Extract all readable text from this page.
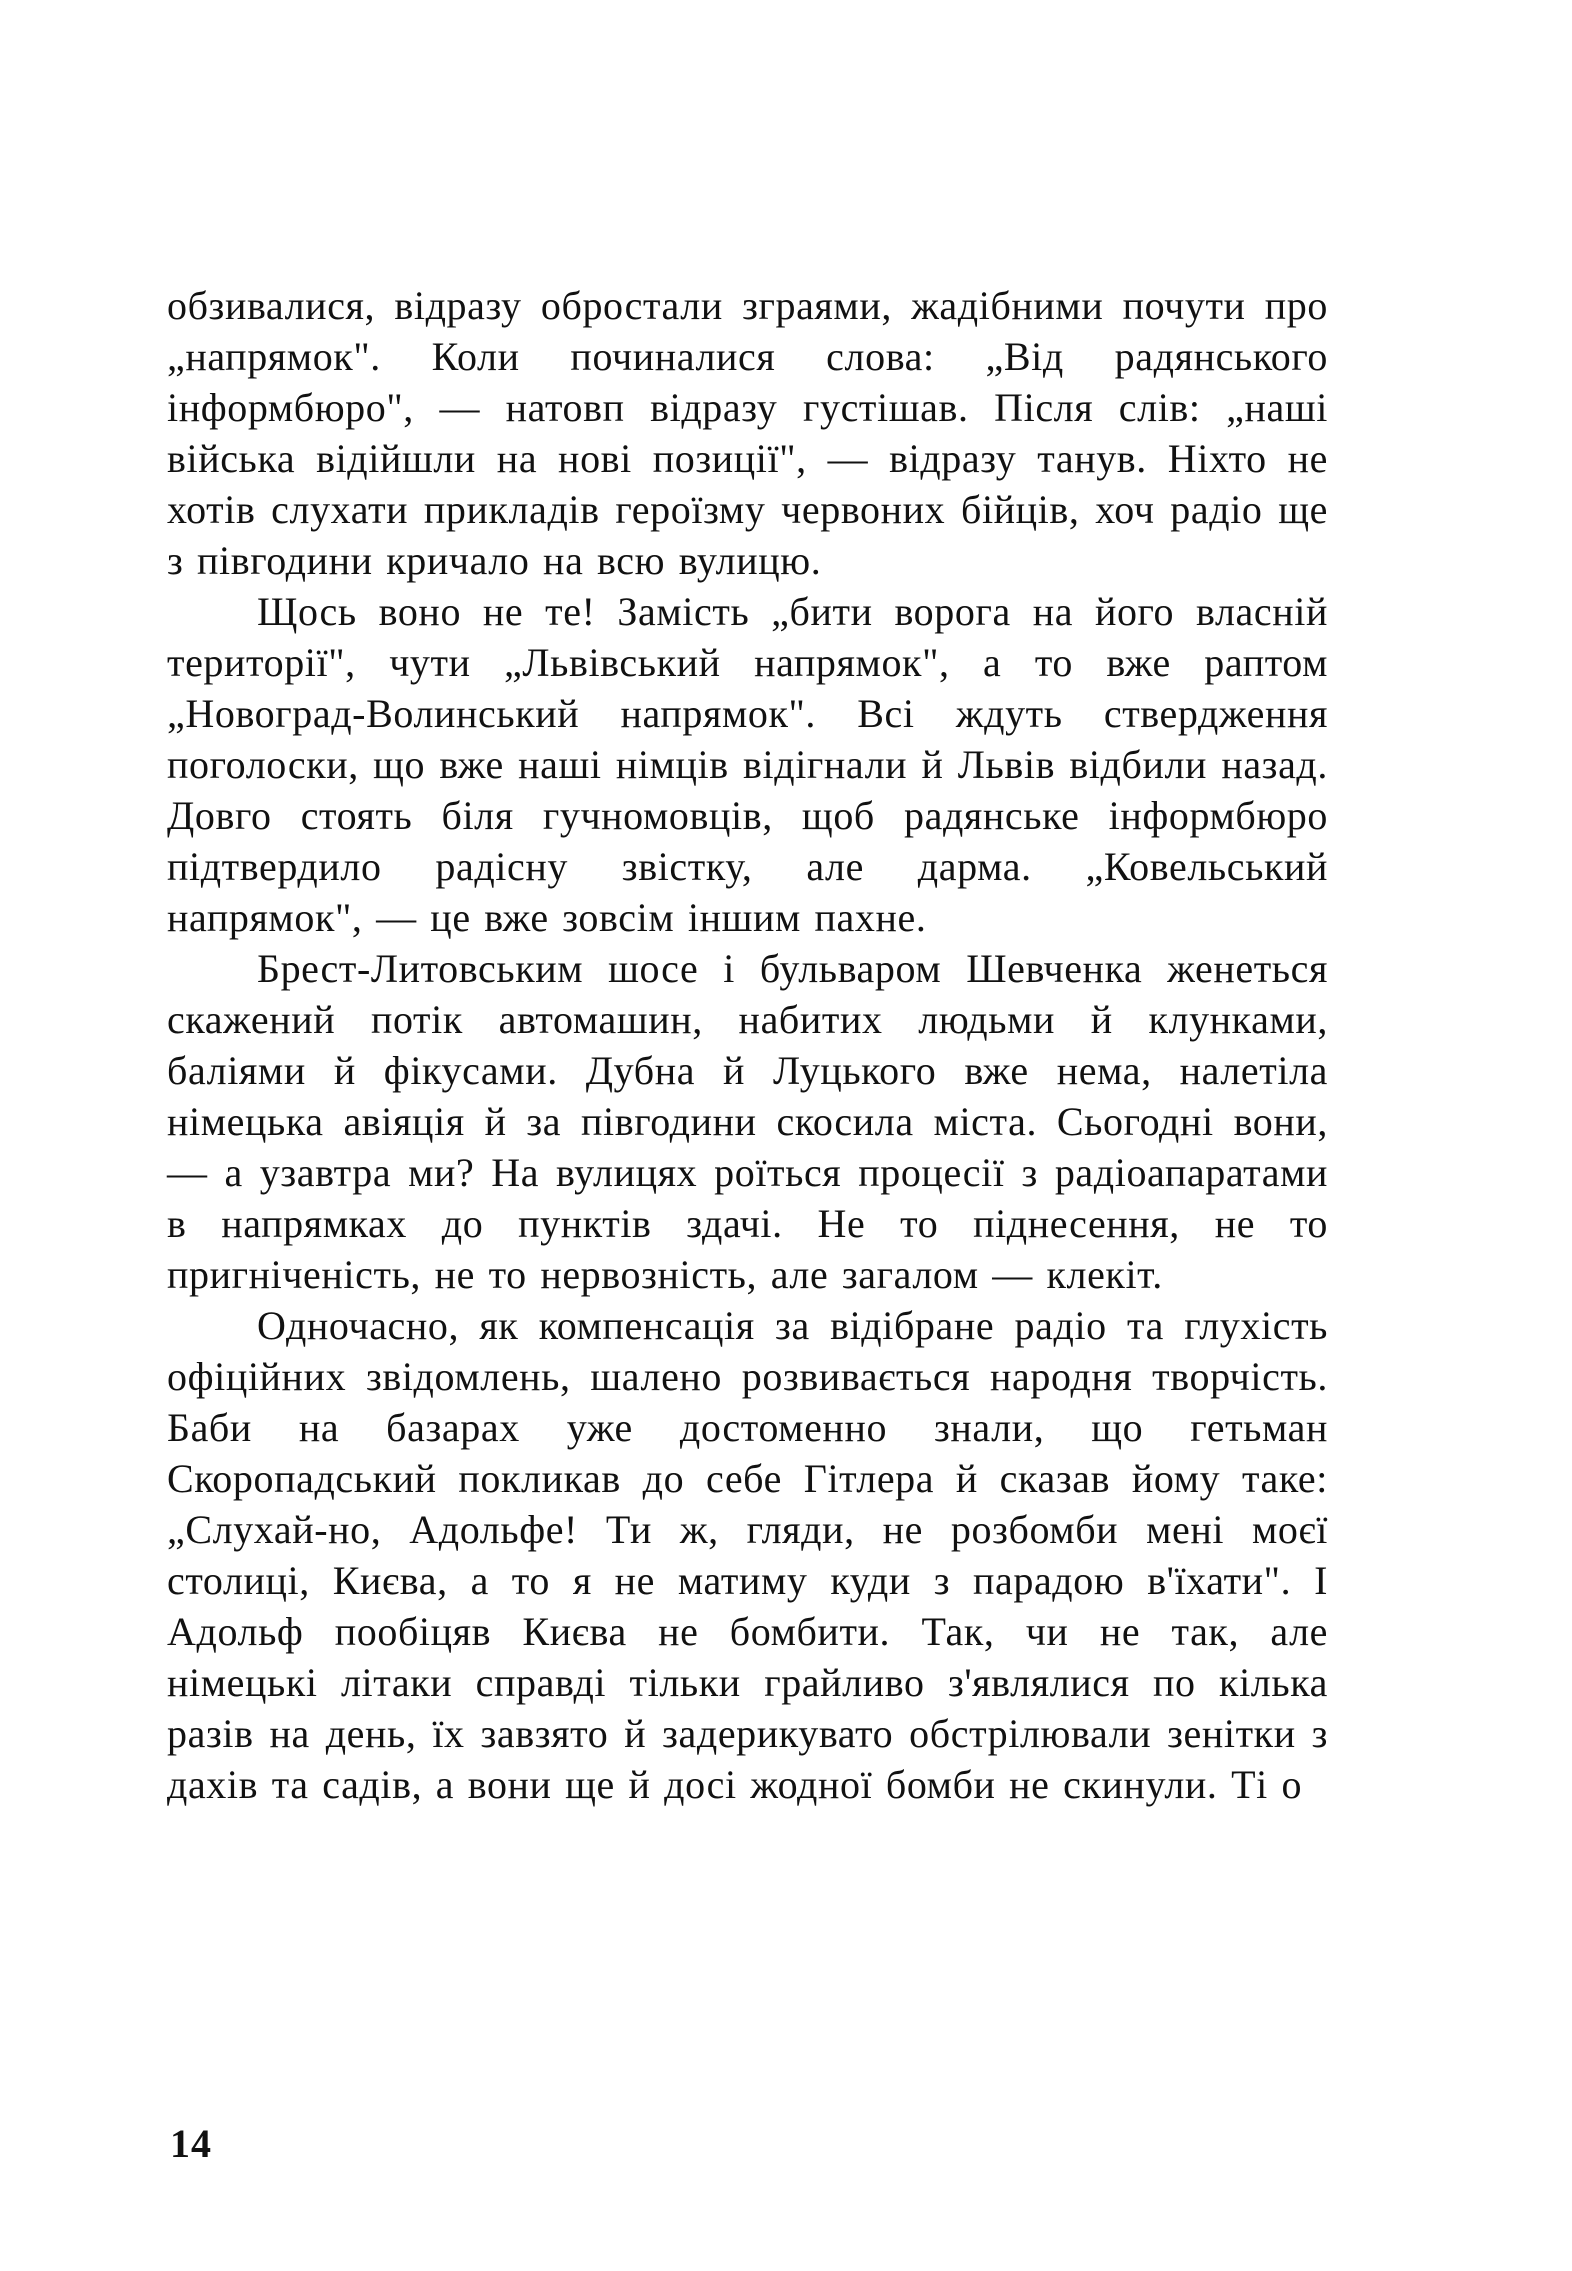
обзивалися, відразу обростали зграями, жадібними почути про „напрямок". Коли починалися слова: „Від радянського інформбюро", — натовп відразу густішав. Після слів: „наші війська відійшли на нові позиції", — відразу танув. Ніхто не хотів слухати прикладів героїзму червоних бійців, хоч радіо ще з півгодини кричало на всю вулицю.

Щось воно не те! Замість „бити ворога на його власній території", чути „Львівський напрямок", а то вже раптом „Новоград-Волинський напрямок". Всі ждуть ствердження поголоски, що вже наші німців відігнали й Львів відбили назад. Довго стоять біля гучномовців, щоб радянське інформбюро підтвердило радісну звістку, але дарма. „Ковельський напрямок", — це вже зовсім іншим пахне.

Брест-Литовським шосе і бульваром Шевченка женеться скажений потік автомашин, набитих людьми й клунками, баліями й фікусами. Дубна й Луцького вже нема, налетіла німецька авіяція й за півгодини скосила міста. Сьогодні вони, — а узавтра ми? На вулицях роїться процесії з радіоапаратами в напрямках до пунктів здачі. Не то піднесення, не то пригніченість, не то нервозність, але загалом — клекіт.

Одночасно, як компенсація за відібране радіо та глухість офіційних звідомлень, шалено розвивається народня творчість. Баби на базарах уже достоменно знали, що гетьман Скоропадський покликав до себе Гітлера й сказав йому таке: „Слухай-но, Адольфе! Ти ж, гляди, не розбомби мені моєї столиці, Києва, а то я не матиму куди з парадою в'їхати". І Адольф пообіцяв Києва не бомбити. Так, чи не так, але німецькі літаки справді тільки грайливо з'являлися по кілька разів на день, їх завзято й задерикувато обстрілювали зенітки з дахів та садів, а вони ще й досі жодної бомби не скинули. Ті о

14
